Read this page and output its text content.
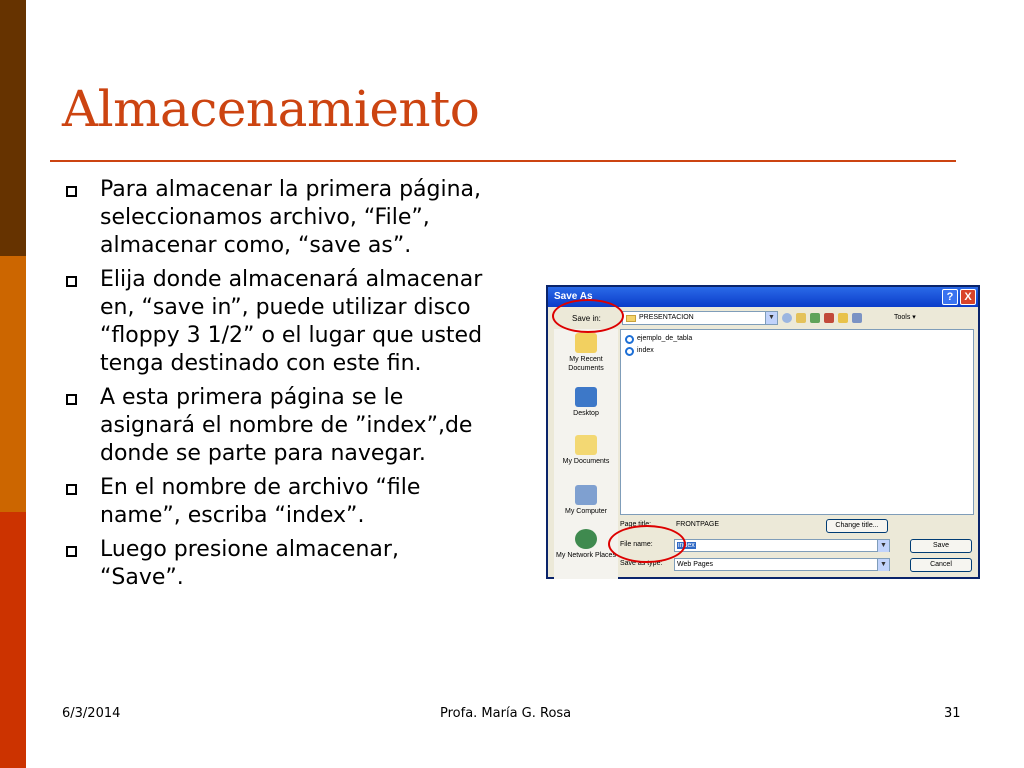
Almacenamiento
Para almacenar la primera página, seleccionamos archivo, “File”, almacenar como, “save as”.
Elija donde almacenará almacenar en, “save in”, puede utilizar disco “floppy 3 1/2” o el lugar que usted tenga destinado con este fin.
A esta primera página se le asignará el nombre de ”index”,de donde se parte para navegar.
En el nombre de archivo “file name”, escriba “index”.
Luego presione almacenar, “Save”.
Save As	? X
Save in:	PRESENTACION	▼	Tools ▾
My Recent Documents
Desktop
My Documents
My Computer
My Network Places
ejemplo_de_tabla
index
Page title:	FRONTPAGE	Change title...
File name:	index	▼	Save
Save as type:	Web Pages	▼	Cancel
6/3/2014	Profa. María G. Rosa	31
